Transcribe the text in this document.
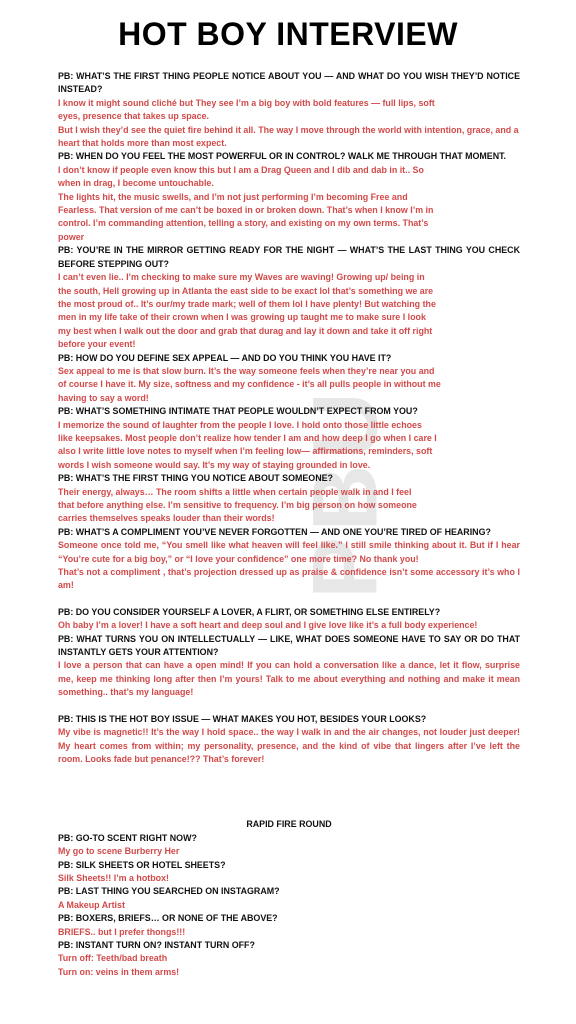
PBU
HOT BOY INTERVIEW
PB: WHAT’S THE FIRST THING PEOPLE NOTICE ABOUT YOU — AND WHAT DO YOU WISH THEY’D NOTICE INSTEAD?
I know it might sound cliché but They see I’m a big boy with bold features — full lips, soft
eyes, presence that takes up space.
But I wish they’d see the quiet fire behind it all. The way I move through the world with intention, grace, and a heart that holds more than most expect.
PB: WHEN DO YOU FEEL THE MOST POWERFUL OR IN CONTROL? WALK ME THROUGH THAT MOMENT.
I don’t know if people even know this but I am a Drag Queen and I dib and dab in it.. So
when in drag, I become untouchable.
The lights hit, the music swells, and I’m not just performing I’m becoming Free and
Fearless. That version of me can’t be boxed in or broken down. That’s when I know I’m in
control. I’m commanding attention, telling a story, and existing on my own terms. That’s
power
PB: YOU’RE IN THE MIRROR GETTING READY FOR THE NIGHT — WHAT’S THE LAST THING YOU CHECK BEFORE STEPPING OUT?
I can’t even lie.. I’m checking to make sure my Waves are waving! Growing up/ being in
the south, Hell growing up in Atlanta the east side to be exact lol that’s something we are
the most proud of.. It’s our/my trade mark; well of them lol I have plenty! But watching the
men in my life take of their crown when I was growing up taught me to make sure I look
my best when I walk out the door and grab that durag and lay it down and take it off right
before your event!
PB: HOW DO YOU DEFINE SEX APPEAL — AND DO YOU THINK YOU HAVE IT?
Sex appeal to me is that slow burn. It’s the way someone feels when they’re near you and
of course I have it. My size, softness and my confidence - it’s all pulls people in without me
having to say a word!
PB: WHAT’S SOMETHING INTIMATE THAT PEOPLE WOULDN’T EXPECT FROM YOU?
I memorize the sound of laughter from the people I love. I hold onto those little echoes
like keepsakes. Most people don’t realize how tender I am and how deep I go when I care I
also I write little love notes to myself when I’m feeling low— affirmations, reminders, soft
words I wish someone would say. It’s my way of staying grounded in love.
PB: WHAT’S THE FIRST THING YOU NOTICE ABOUT SOMEONE?
Their energy, always… The room shifts a little when certain people walk in and I feel
that before anything else. I’m sensitive to frequency. I’m big person on how someone
carries themselves speaks louder than their words!
PB: WHAT’S A COMPLIMENT YOU’VE NEVER FORGOTTEN — AND ONE YOU’RE TIRED OF HEARING?
Someone once told me, “You smell like what heaven will feel like.” I still smile thinking about it. But if I hear “You’re cute for a big boy,” or “I love your confidence” one more time? No thank you!
That’s not a compliment , that’s projection dressed up as praise & confidence isn’t some accessory it’s who I am!
PB: DO YOU CONSIDER YOURSELF A LOVER, A FLIRT, OR SOMETHING ELSE ENTIRELY?
Oh baby I’m a lover! I have a soft heart and deep soul and I give love like it’s a full body experience!
PB: WHAT TURNS YOU ON INTELLECTUALLY — LIKE, WHAT DOES SOMEONE HAVE TO SAY OR DO THAT INSTANTLY GETS YOUR ATTENTION?
I love a person that can have a open mind! If you can hold a conversation like a dance, let it flow, surprise me, keep me thinking long after then I’m yours! Talk to me about everything and nothing and make it mean something.. that’s my language!
PB: THIS IS THE HOT BOY ISSUE — WHAT MAKES YOU HOT, BESIDES YOUR LOOKS?
My vibe is magnetic!! It’s the way I hold space.. the way I walk in and the air changes, not louder just deeper! My heart comes from within; my personality, presence, and the kind of vibe that lingers after I’ve left the room. Looks fade but penance!?? That’s forever!
RAPID FIRE ROUND
PB: GO-TO SCENT RIGHT NOW?
My go to scene Burberry Her
PB: SILK SHEETS OR HOTEL SHEETS?
Silk Sheets!! I’m a hotbox!
PB: LAST THING YOU SEARCHED ON INSTAGRAM?
A Makeup Artist
PB: BOXERS, BRIEFS… OR NONE OF THE ABOVE?
BRIEFS.. but I prefer thongs!!!
PB: INSTANT TURN ON? INSTANT TURN OFF?
Turn off: Teeth/bad breath
Turn on: veins in them arms!
